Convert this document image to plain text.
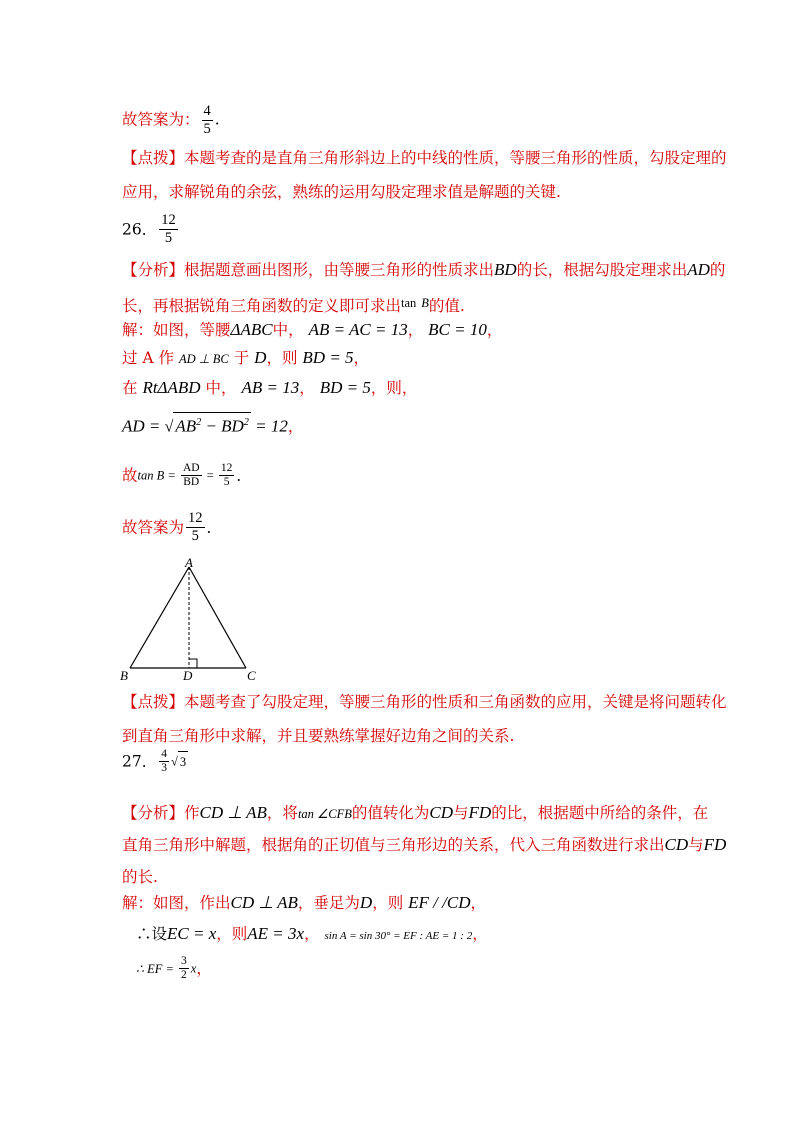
故答案为： $\frac{4}{5}$ .
【点拨】本题考查的是直角三角形斜边上的中线的性质，等腰三角形的性质，勾股定理的
应用，求解锐角的余弦，熟练的运用勾股定理求值是解题的关键.
26． $\frac{12}{5}$
【分析】根据题意画出图形，由等腰三角形的性质求出BD的长，根据勾股定理求出AD的
长，再根据锐角三角函数的定义即可求出$^{tan}$ $^B$的值.
解：如图，等腰ΔABC中， AB = AC = 13， BC = 10，
过 A 作 AD ⊥ BC 于 D，则 BD = 5，
在 RtΔABD 中， AB = 13， BD = 5，则，
AD = √ $AB^2 - BD^2 = 12$，
故$\tan B = \frac{AD}{BD} = \frac{12}{5}$ ．
故答案为 $\frac{12}{5}$ ．
A
B	D	C
【点拨】本题考查了勾股定理，等腰三角形的性质和三角函数的应用，关键是将问题转化
到直角三角形中求解，并且要熟练掌握好边角之间的关系.
27． $\frac{4}{3}$ √ 3
【分析】作CD ⊥ AB，将tan ∠CFB的值转化为CD与FD的比，根据题中所给的条件，在
直角三角形中解题，根据角的正切值与三角形边的关系，代入三角函数进行求出CD与FD
的长.
解：如图，作出CD ⊥ AB，垂足为D，则 EF / /CD，
∴设EC = x，则AE = 3x， sin A = sin 30° = EF : AE = 1 : 2，
∴ EF = $\frac{3}{2}$ x，
